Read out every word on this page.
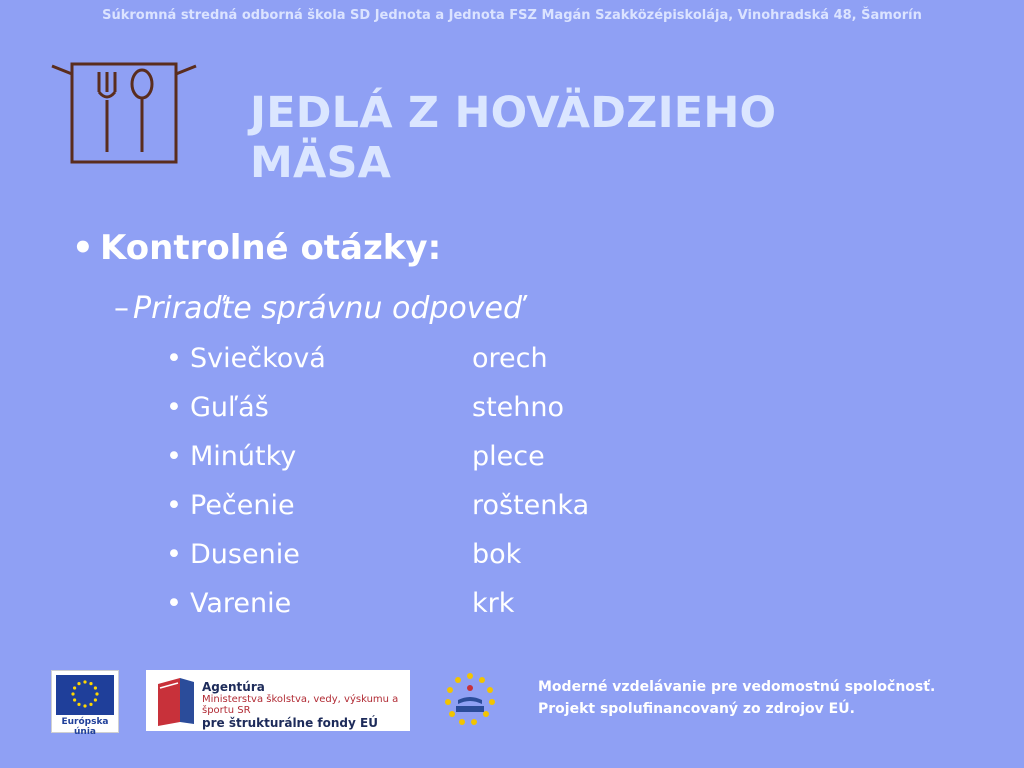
Súkromná stredná odborná škola SD Jednota a Jednota FSZ Magán Szakközépiskolája, Vinohradská 48, Šamorín
JEDLÁ Z HOVÄDZIEHO MÄSA
• Kontrolné otázky:
– Priraďte správnu odpoveď
• Sviečková	orech
• Guľáš	stehno
• Minútky	plece
• Pečenie	roštenka
• Dusenie	bok
• Varenie	krk
Európska únia
Agentúra
Ministerstva školstva, vedy, výskumu a športu SR
pre štrukturálne fondy EÚ
Moderné vzdelávanie pre vedomostnú spoločnosť.
Projekt spolufinancovaný zo zdrojov EÚ.
